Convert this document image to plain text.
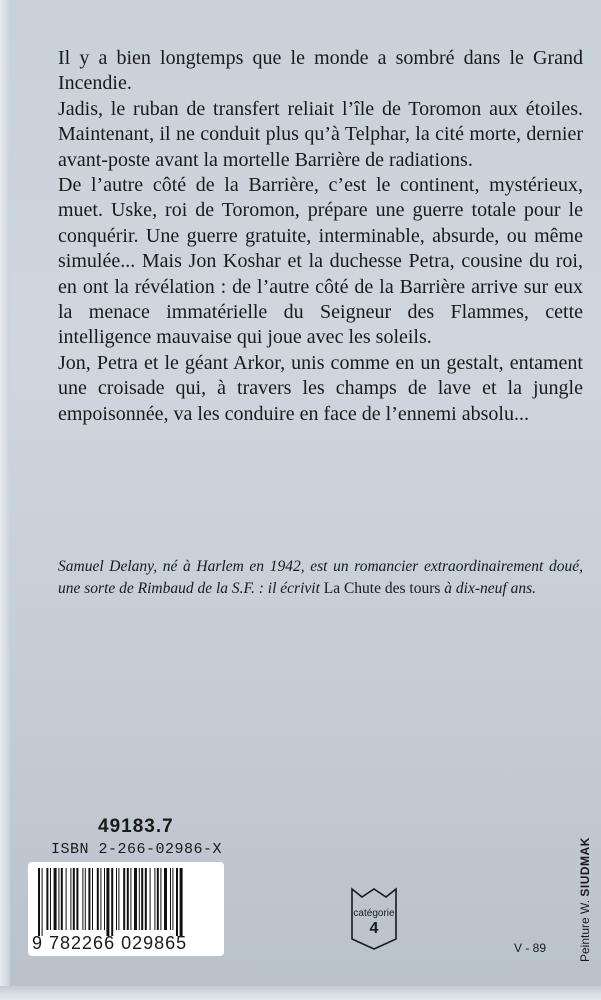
Il y a bien longtemps que le monde a sombré dans le Grand Incendie.

Jadis, le ruban de transfert reliait l’île de Toromon aux étoiles. Maintenant, il ne conduit plus qu’à Telphar, la cité morte, dernier avant-poste avant la mortelle Barrière de radiations.

De l’autre côté de la Barrière, c’est le continent, mystérieux, muet. Uske, roi de Toromon, prépare une guerre totale pour le conquérir. Une guerre gratuite, interminable, absurde, ou même simulée... Mais Jon Koshar et la duchesse Petra, cousine du roi, en ont la révélation : de l’autre côté de la Barrière arrive sur eux la menace immatérielle du Seigneur des Flammes, cette intelligence mauvaise qui joue avec les soleils.

Jon, Petra et le géant Arkor, unis comme en un gestalt, entament une croisade qui, à travers les champs de lave et la jungle empoisonnée, va les conduire en face de l’ennemi absolu...

Samuel Delany, né à Harlem en 1942, est un romancier extraordinairement doué, une sorte de Rimbaud de la S.F. : il écrivit La Chute des tours à dix-neuf ans.
49183.7
ISBN 2-266-02986-X
9 782266 029865
catégorie
4
V - 89	Peinture W. SIUDMAK
